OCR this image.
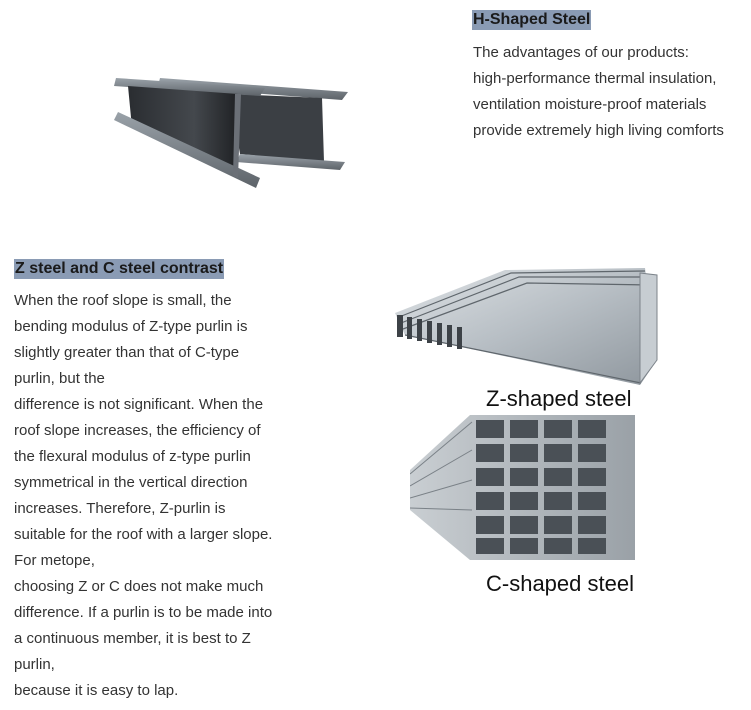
H-Shaped Steel
The advantages of our products:
high-performance thermal insulation,
ventilation moisture-proof materials
provide extremely high living comforts
Z steel and C steel contrast
When the roof slope is small, the
bending modulus of Z-type purlin is
slightly greater than that of C-type
purlin, but the
difference is not significant. When the
roof slope increases, the efficiency of
the flexural modulus of z-type purlin
symmetrical in the vertical direction
increases. Therefore, Z-purlin is
suitable for the roof with a larger slope.
For metope,
choosing Z or C does not make much
difference. If a purlin is to be made into
a continuous member, it is best to Z
purlin,
because it is easy to lap.
Z-shaped steel
C-shaped steel
